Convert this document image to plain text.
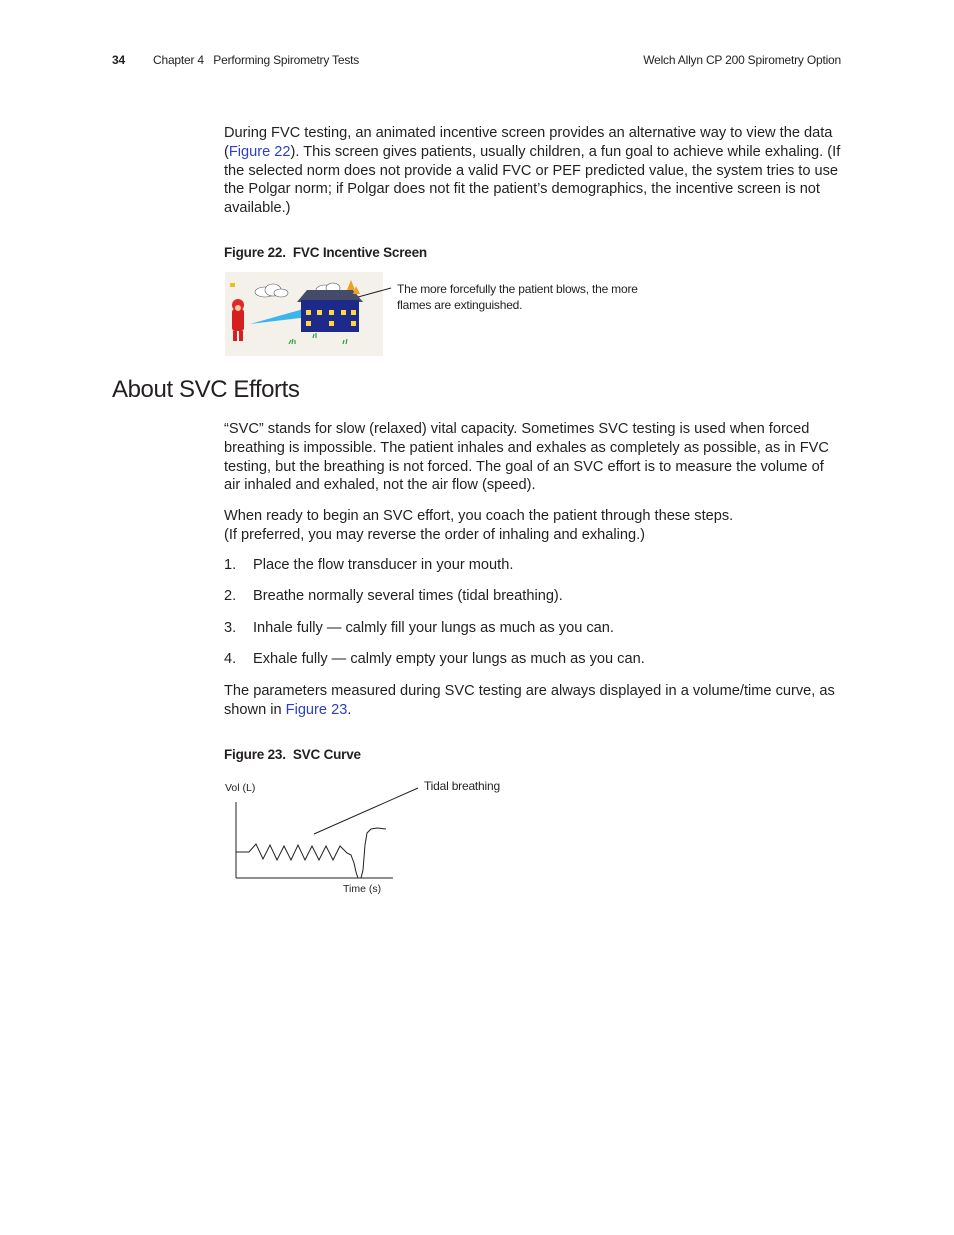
34 Chapter 4   Performing Spirometry Tests	Welch Allyn CP 200 Spirometry Option

During FVC testing, an animated incentive screen provides an alternative way to view the data (Figure 22). This screen gives patients, usually children, a fun goal to achieve while exhaling. (If the selected norm does not provide a valid FVC or PEF predicted value, the system tries to use the Polgar norm; if Polgar does not fit the patient’s demographics, the incentive screen is not available.)

Figure 22.  FVC Incentive Screen
The more forcefully the patient blows, the more
flames are extinguished.
About SVC Efforts

“SVC” stands for slow (relaxed) vital capacity. Sometimes SVC testing is used when forced breathing is impossible. The patient inhales and exhales as completely as possible, as in FVC testing, but the breathing is not forced. The goal of an SVC effort is to measure the volume of air inhaled and exhaled, not the air flow (speed).

When ready to begin an SVC effort, you coach the patient through these steps.
(If preferred, you may reverse the order of inhaling and exhaling.)
1. Place the flow transducer in your mouth.
2. Breathe normally several times (tidal breathing).
3. Inhale fully — calmly fill your lungs as much as you can.
4. Exhale fully — calmly empty your lungs as much as you can.

The parameters measured during SVC testing are always displayed in a volume/time curve, as shown in Figure 23.

Figure 23.  SVC Curve
Vol (L)	Tidal breathing
Time (s)
